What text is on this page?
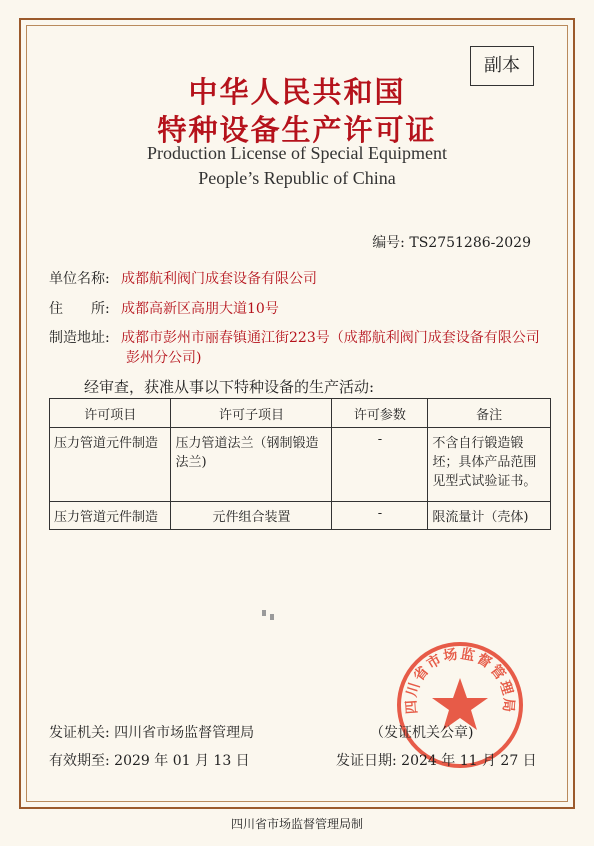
副本
中华人民共和国
特种设备生产许可证
Production License of Special Equipment
People’s Republic of China
编号: TS2751286-2029
单位名称: 成都航利阀门成套设备有限公司
住　　所: 成都高新区高朋大道10号
制造地址: 成都市彭州市丽春镇通江街223号（成都航利阀门成套设备有限公司
彭州分公司)
经审查，获准从事以下特种设备的生产活动:
许可项目	许可子项目	许可参数	备注
压力管道元件制造	压力管道法兰（钢制锻造法兰)	-	不含自行锻造锻坯；具体产品范围见型式试验证书。
压力管道元件制造	元件组合装置	-	限流量计（壳体)
四川省市场监督管理局
发证机关: 四川省市场监督管理局	（发证机关公章)
有效期至: 2029 年 01 月 13 日	发证日期: 2024 年 11 月 27 日
四川省市场监督管理局制
